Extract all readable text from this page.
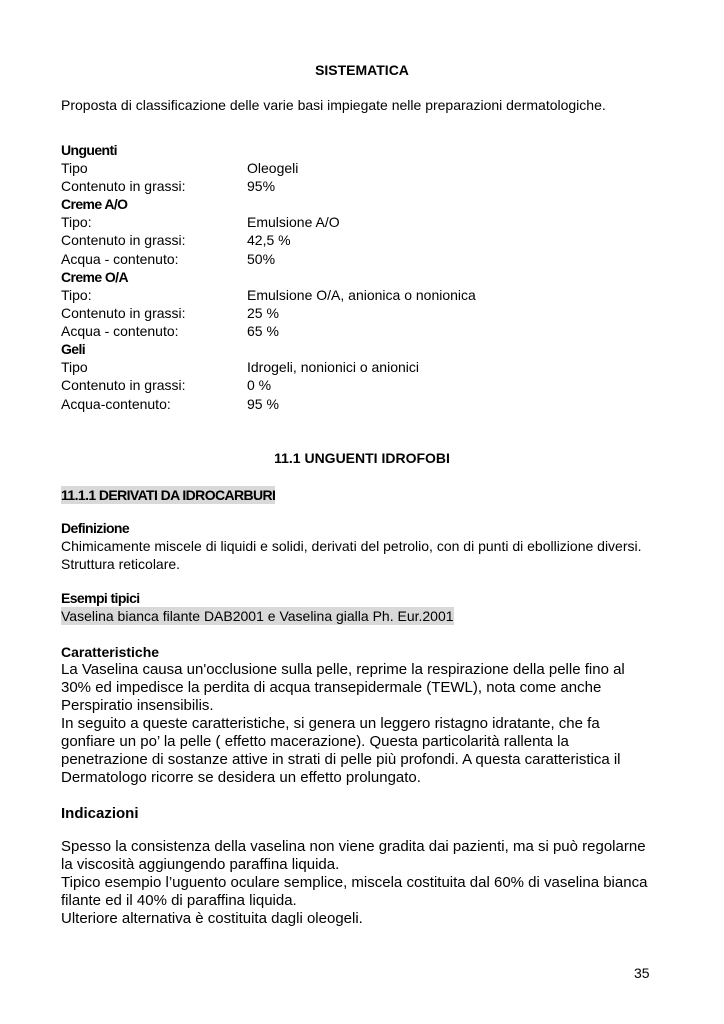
SISTEMATICA
Proposta di classificazione delle varie basi impiegate nelle preparazioni dermatologiche.
Unguenti
Tipo	Oleogeli
Contenuto in grassi:	95%
Creme A/O
Tipo:	Emulsione A/O
Contenuto in grassi:	42,5 %
Acqua - contenuto:	50%
Creme O/A
Tipo:	Emulsione O/A, anionica o nonionica
Contenuto in grassi:	25 %
Acqua - contenuto:	65 %
Geli
Tipo	Idrogeli, nonionici o anionici
Contenuto in grassi:	0 %
Acqua-contenuto:	95 %
11.1 UNGUENTI IDROFOBI
11.1.1 DERIVATI DA IDROCARBURI
Definizione
Chimicamente miscele di liquidi e solidi, derivati del petrolio, con di punti di ebollizione diversi.
Struttura reticolare.
Esempi tipici
Vaselina bianca filante DAB2001 e Vaselina gialla Ph. Eur.2001
Caratteristiche
La Vaselina causa un'occlusione sulla pelle, reprime la respirazione della pelle fino al
30% ed impedisce la perdita di acqua transepidermale (TEWL), nota come anche
Perspiratio insensibilis.
In seguito a queste caratteristiche, si genera un leggero ristagno idratante, che fa
gonfiare un po’ la pelle ( effetto macerazione). Questa particolarità rallenta la
penetrazione di sostanze attive in strati di pelle più profondi. A questa caratteristica il
Dermatologo ricorre se desidera un effetto prolungato.
Indicazioni
Spesso la consistenza della vaselina non viene gradita dai pazienti, ma si può regolarne
la viscosità aggiungendo paraffina liquida.
Tipico esempio l’uguento oculare semplice, miscela costituita dal 60% di vaselina bianca
filante ed il 40% di paraffina liquida.
Ulteriore alternativa è costituita dagli oleogeli.
35
